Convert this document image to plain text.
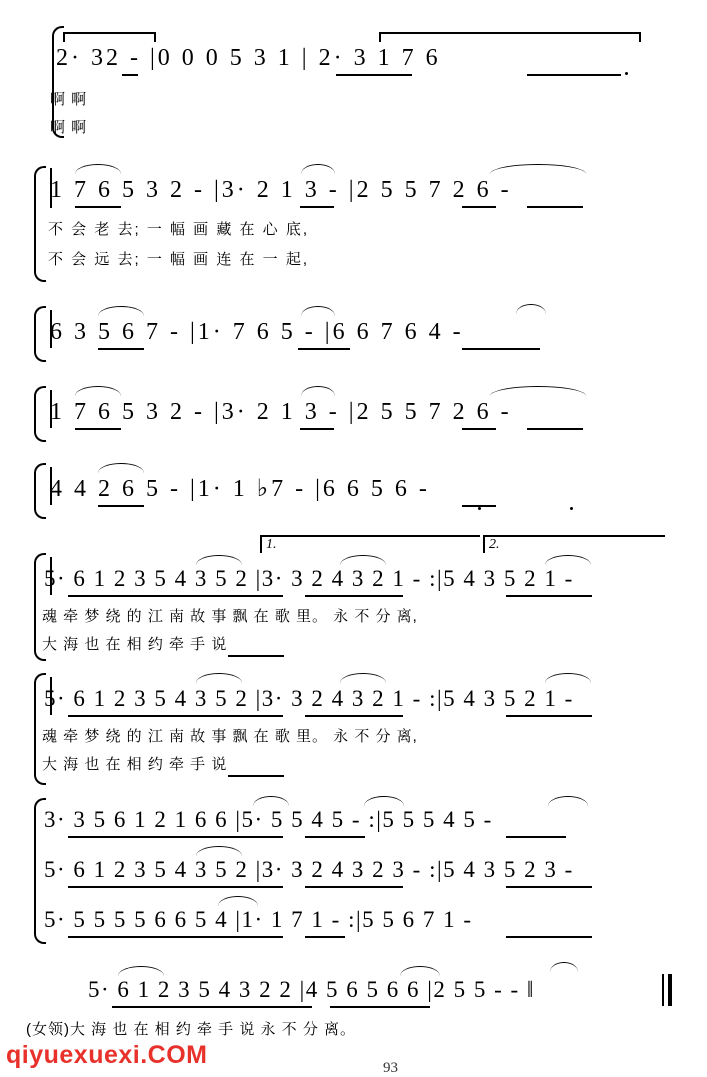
2· 32 - |0 0 0 5 3 1 | 2· 3 1 7 6
啊 啊
啊 啊
1 7 6 5 3 2 - |3· 2 1 3 - |2 5 5 7 2 6 -
不 会 老 去; 一 幅 画 藏 在 心 底,
不 会 远 去; 一 幅 画 连 在 一 起,
6 3 5 6 7 - |1· 7 6 5 - |6 6 7 6 4 -
1 7 6 5 3 2 - |3· 2 1 3 - |2 5 5 7 2 6 -
4 4 2 6 5 - |1· 1 ♭7 - |6 6 5 6 -
1.	2.
5· 6 1 2 3 5 4 3 5 2 |3· 3 2 4 3 2 1 - :|5 4 3 5 2 1 -
魂 牵 梦 绕 的 江 南 故 事 飘 在 歌 里。 永 不 分 离,
大 海 也 在 相 约 牵 手 说
5· 6 1 2 3 5 4 3 5 2 |3· 3 2 4 3 2 1 - :|5 4 3 5 2 1 -
魂 牵 梦 绕 的 江 南 故 事 飘 在 歌 里。 永 不 分 离,
大 海 也 在 相 约 牵 手 说
3· 3 5 6 1 2 1 6 6 |5· 5 5 4 5 - :|5 5 5 4 5 -
5· 6 1 2 3 5 4 3 5 2 |3· 3 2 4 3 2 3 - :|5 4 3 5 2 3 -
5· 5 5 5 5 6 6 5 4 |1· 1 7 1 - :|5 5 6 7 1 -
5· 6 1 2 3 5 4 3 2 2 |4 5 6 5 6 6 |2 5 5 - - ‖
(女领)大 海 也 在 相 约 牵 手 说 永 不 分 离。
qiyuexuexi.COM	93
